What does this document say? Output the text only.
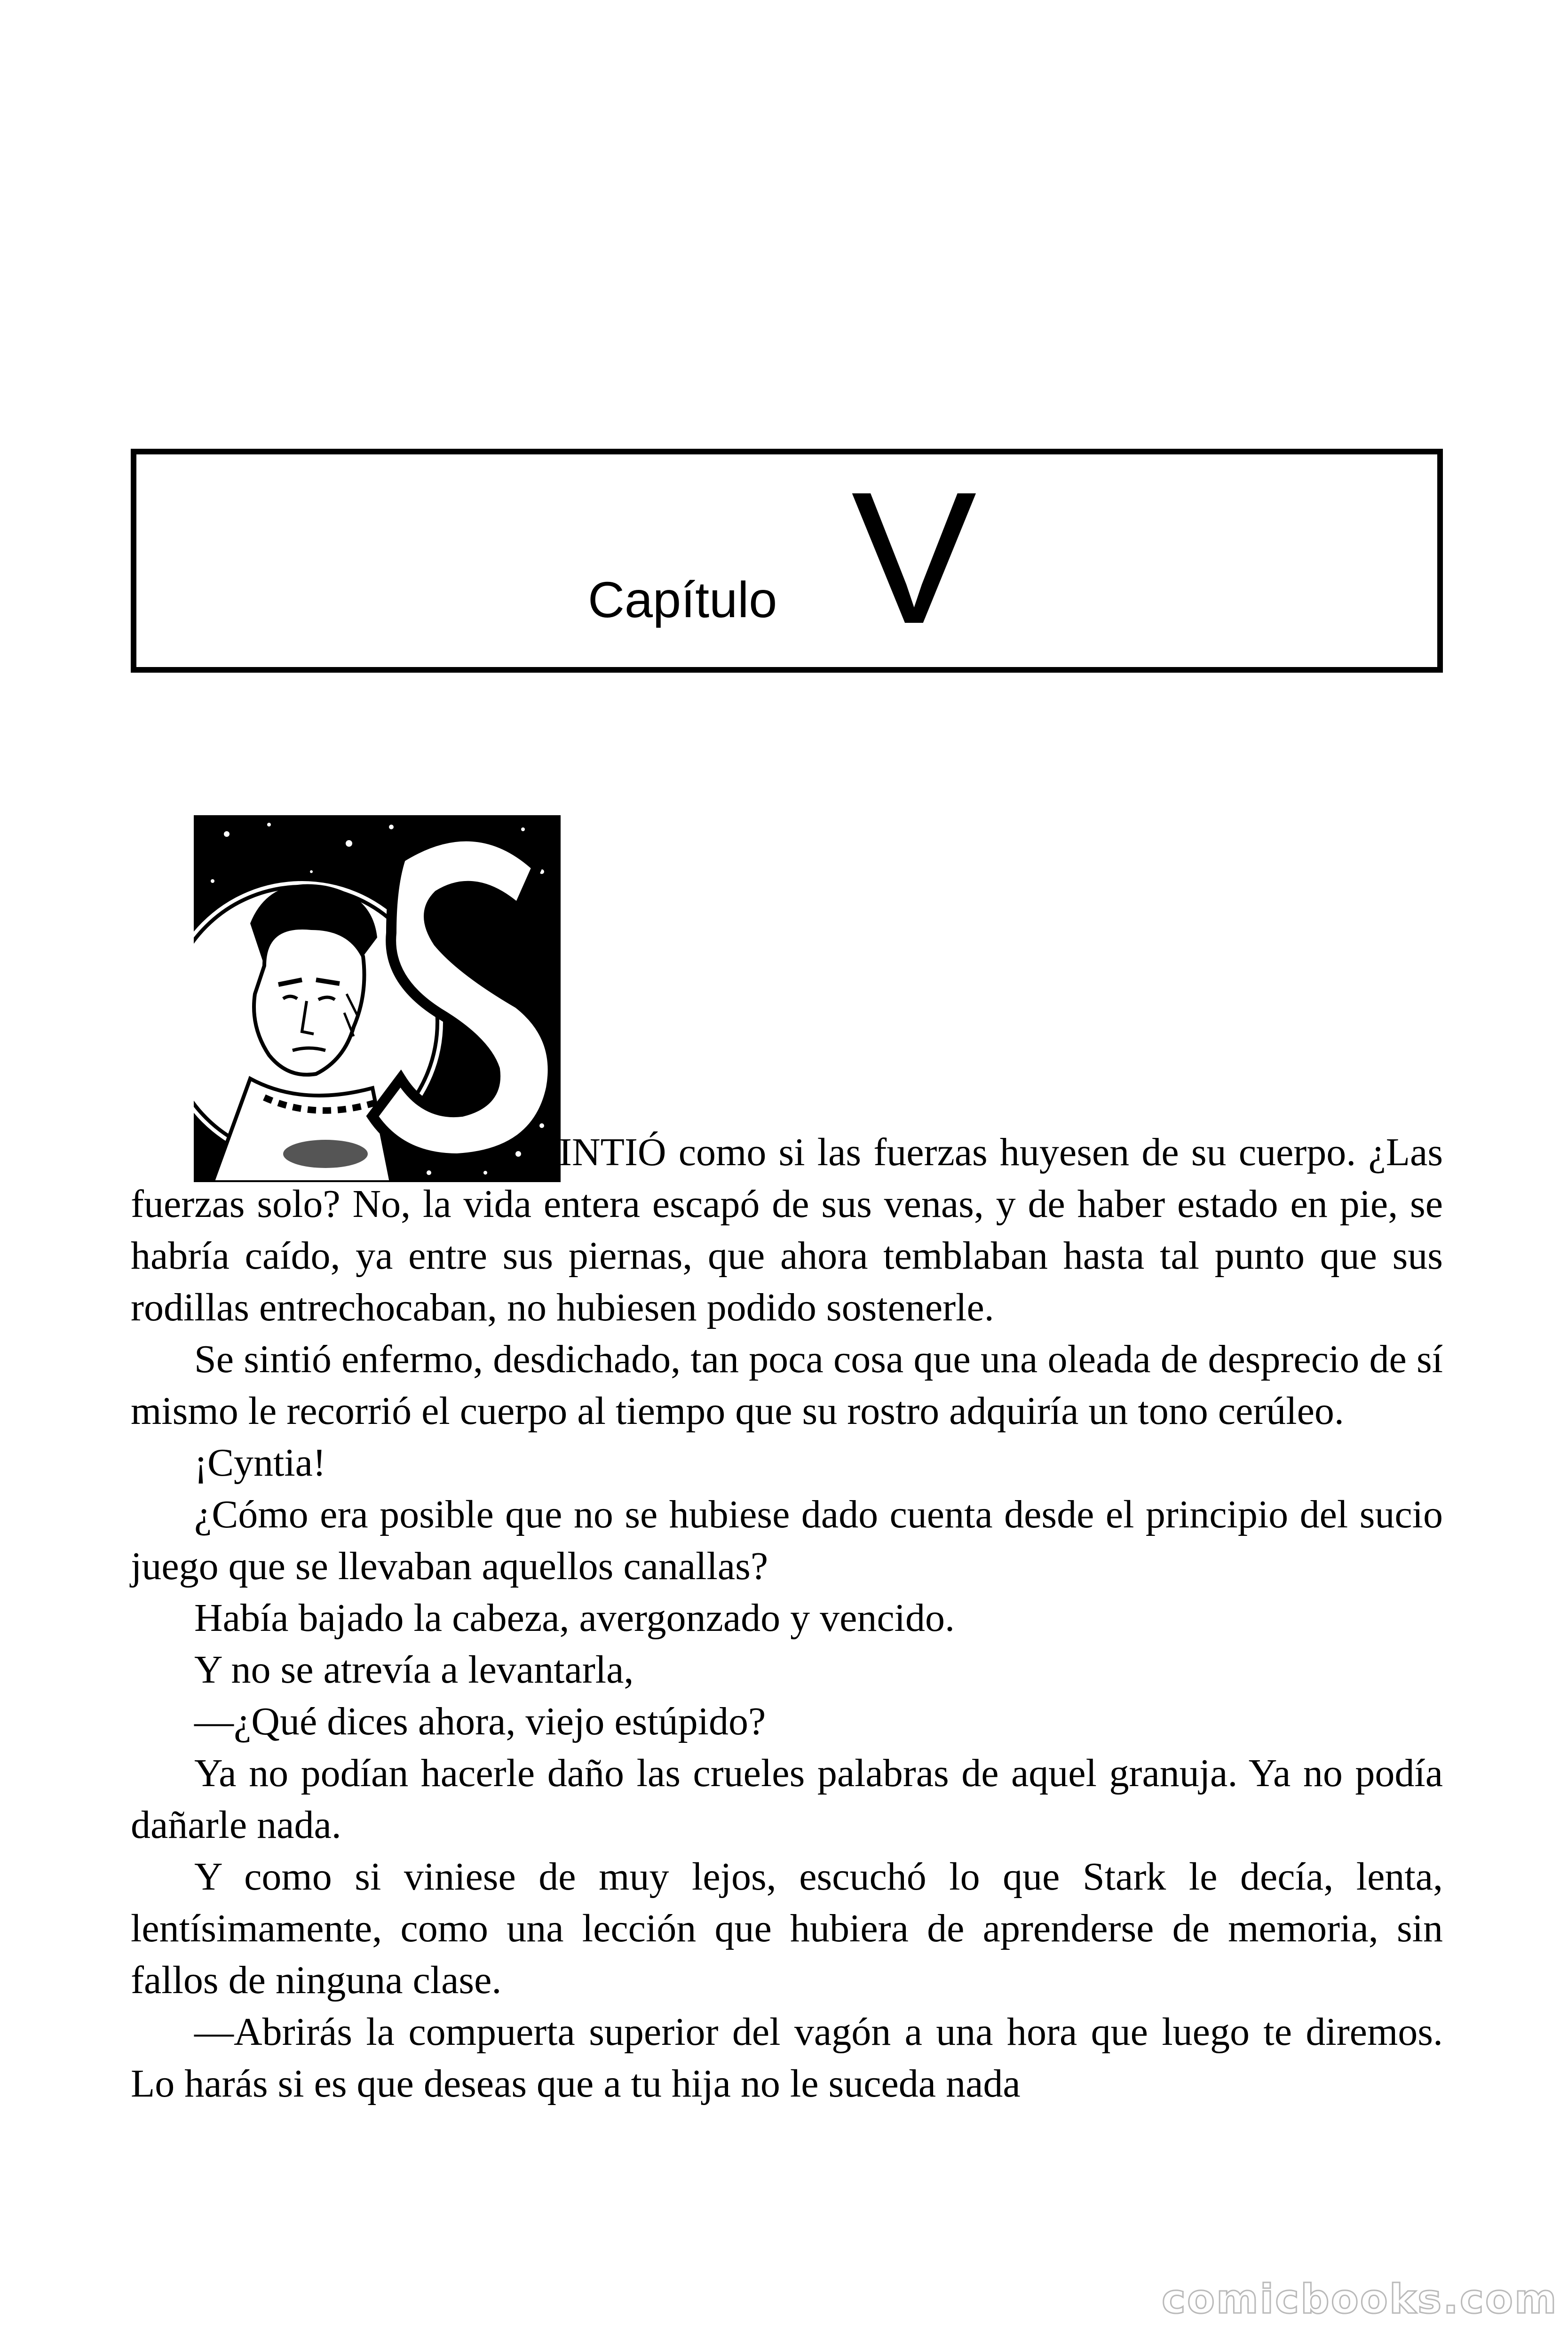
Capítulo V

INTIÓ como si las fuerzas huyesen de su cuerpo. ¿Las fuerzas solo? No, la vida entera escapó de sus venas, y de haber estado en pie, se habría caído, ya entre sus piernas, que ahora temblaban hasta tal punto que sus rodillas entrechocaban, no hubiesen podido sostenerle.

Se sintió enfermo, desdichado, tan poca cosa que una oleada de desprecio de sí mismo le recorrió el cuerpo al tiempo que su rostro adquiría un tono cerúleo.

¡Cyntia!

¿Cómo era posible que no se hubiese dado cuenta desde el principio del sucio juego que se llevaban aquellos canallas?

Había bajado la cabeza, avergonzado y vencido.

Y no se atrevía a levantarla,

—¿Qué dices ahora, viejo estúpido?

Ya no podían hacerle daño las crueles palabras de aquel granuja. Ya no podía dañarle nada.

Y como si viniese de muy lejos, escuchó lo que Stark le decía, lenta, lentísimamente, como una lección que hubiera de aprenderse de memoria, sin fallos de ninguna clase.

—Abrirás la compuerta superior del vagón a una hora que luego te diremos. Lo harás si es que deseas que a tu hija no le suceda nada

comicbooks.com
